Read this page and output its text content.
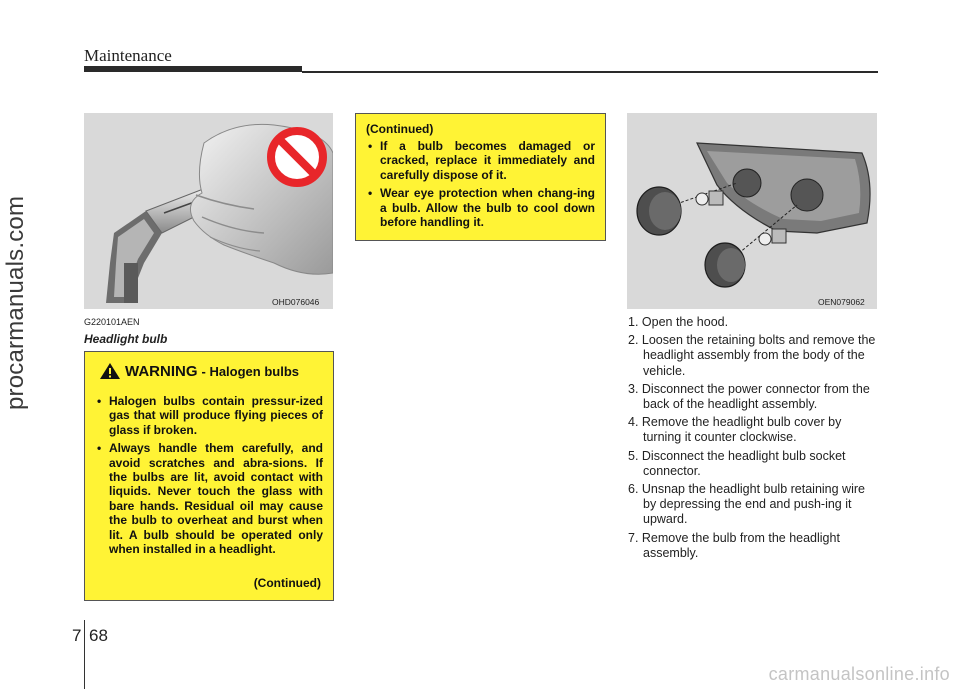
Maintenance
procarmanuals.com
carmanualsonline.info
OHD076046	OEN079062
G220101AEN
Headlight bulb
WARNING - Halogen bulbs
• Halogen bulbs contain pressur-ized gas that will produce flying pieces of glass if broken.
• Always handle them carefully, and avoid scratches and abra-sions. If the bulbs are lit, avoid contact with liquids. Never touch the glass with bare hands. Residual oil may cause the bulb to overheat and burst when lit. A bulb should be operated only when installed in a headlight.
(Continued)
(Continued)
• If a bulb becomes damaged or cracked, replace it immediately and carefully dispose of it.
• Wear eye protection when chang-ing a bulb. Allow the bulb to cool down before handling it.
1. Open the hood.
2. Loosen the retaining bolts and remove the headlight assembly from the body of the vehicle.
3. Disconnect the power connector from the back of the headlight assembly.
4. Remove the headlight bulb cover by turning it counter clockwise.
5. Disconnect the headlight bulb socket connector.
6. Unsnap the headlight bulb retaining wire by depressing the end and push-ing it upward.
7. Remove the bulb from the headlight assembly.
7 68
